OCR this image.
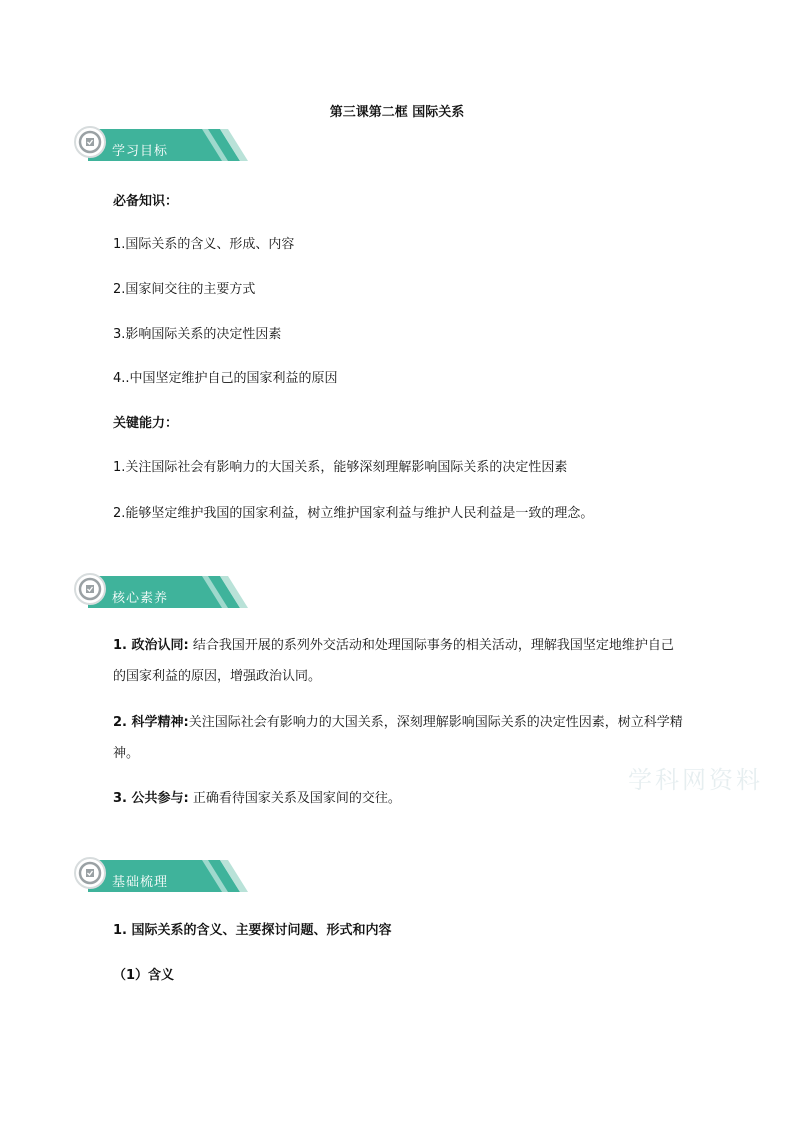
第三课第二框 国际关系
学习目标
必备知识：
1.国际关系的含义、形成、内容
2.国家间交往的主要方式
3.影响国际关系的决定性因素
4..中国坚定维护自己的国家利益的原因
关键能力：
1.关注国际社会有影响力的大国关系，能够深刻理解影响国际关系的决定性因素
2.能够坚定维护我国的国家利益，树立维护国家利益与维护人民利益是一致的理念。
核心素养
1. 政治认同: 结合我国开展的系列外交活动和处理国际事务的相关活动，理解我国坚定地维护自己的国家利益的原因，增强政治认同。
2. 科学精神:关注国际社会有影响力的大国关系，深刻理解影响国际关系的决定性因素，树立科学精神。
3. 公共参与: 正确看待国家关系及国家间的交往。
学科网资料
基础梳理
1. 国际关系的含义、主要探讨问题、形式和内容
（1）含义
